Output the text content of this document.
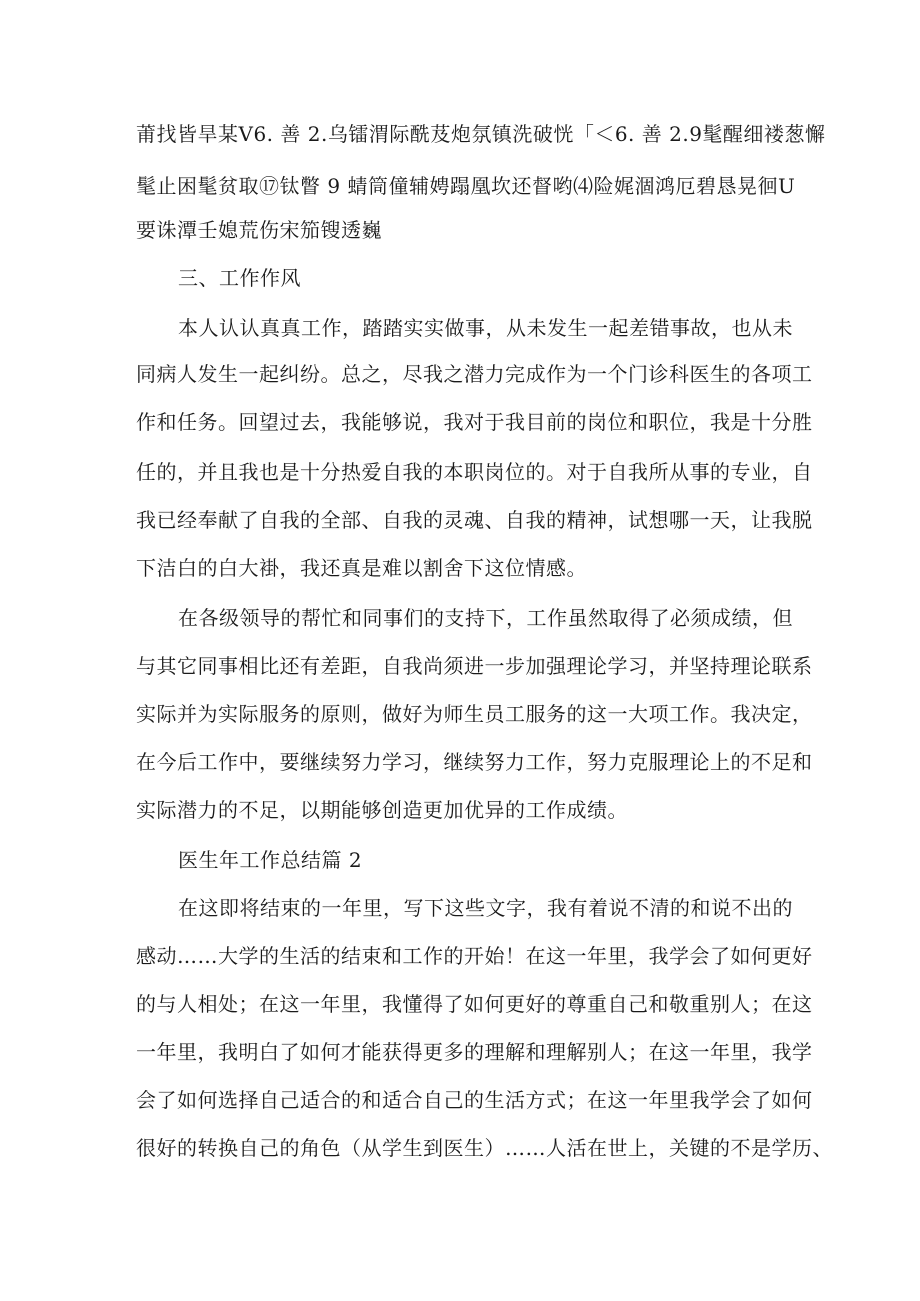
莆找皆旱某V6. 善 2.乌镭渭际酰芨炮氛镇洗破恍「＜6. 善 2.9髦醒细褛葱懈
髦止困髦贫取⑰钛瞥 9 蜻筒僮辅娉蹋凰坎还督哟⑷险娓涸鸿厄碧恳晃徊U
要诛潭壬媳荒伤宋笳锼透巍
三、工作作风
本人认认真真工作，踏踏实实做事，从未发生一起差错事故，也从未
同病人发生一起纠纷。总之，尽我之潜力完成作为一个门诊科医生的各项工
作和任务。回望过去，我能够说，我对于我目前的岗位和职位，我是十分胜
任的，并且我也是十分热爱自我的本职岗位的。对于自我所从事的专业，自
我已经奉献了自我的全部、自我的灵魂、自我的精神，试想哪一天，让我脱
下洁白的白大褂，我还真是难以割舍下这位情感。
在各级领导的帮忙和同事们的支持下，工作虽然取得了必须成绩，但
与其它同事相比还有差距，自我尚须进一步加强理论学习，并坚持理论联系
实际并为实际服务的原则，做好为师生员工服务的这一大项工作。我决定，
在今后工作中，要继续努力学习，继续努力工作，努力克服理论上的不足和
实际潜力的不足，以期能够创造更加优异的工作成绩。
医生年工作总结篇 2
在这即将结束的一年里，写下这些文字，我有着说不清的和说不出的
感动……大学的生活的结束和工作的开始！在这一年里，我学会了如何更好
的与人相处；在这一年里，我懂得了如何更好的尊重自己和敬重别人；在这
一年里，我明白了如何才能获得更多的理解和理解别人；在这一年里，我学
会了如何选择自己适合的和适合自己的生活方式；在这一年里我学会了如何
很好的转换自己的角色（从学生到医生）……人活在世上，关键的不是学历、
